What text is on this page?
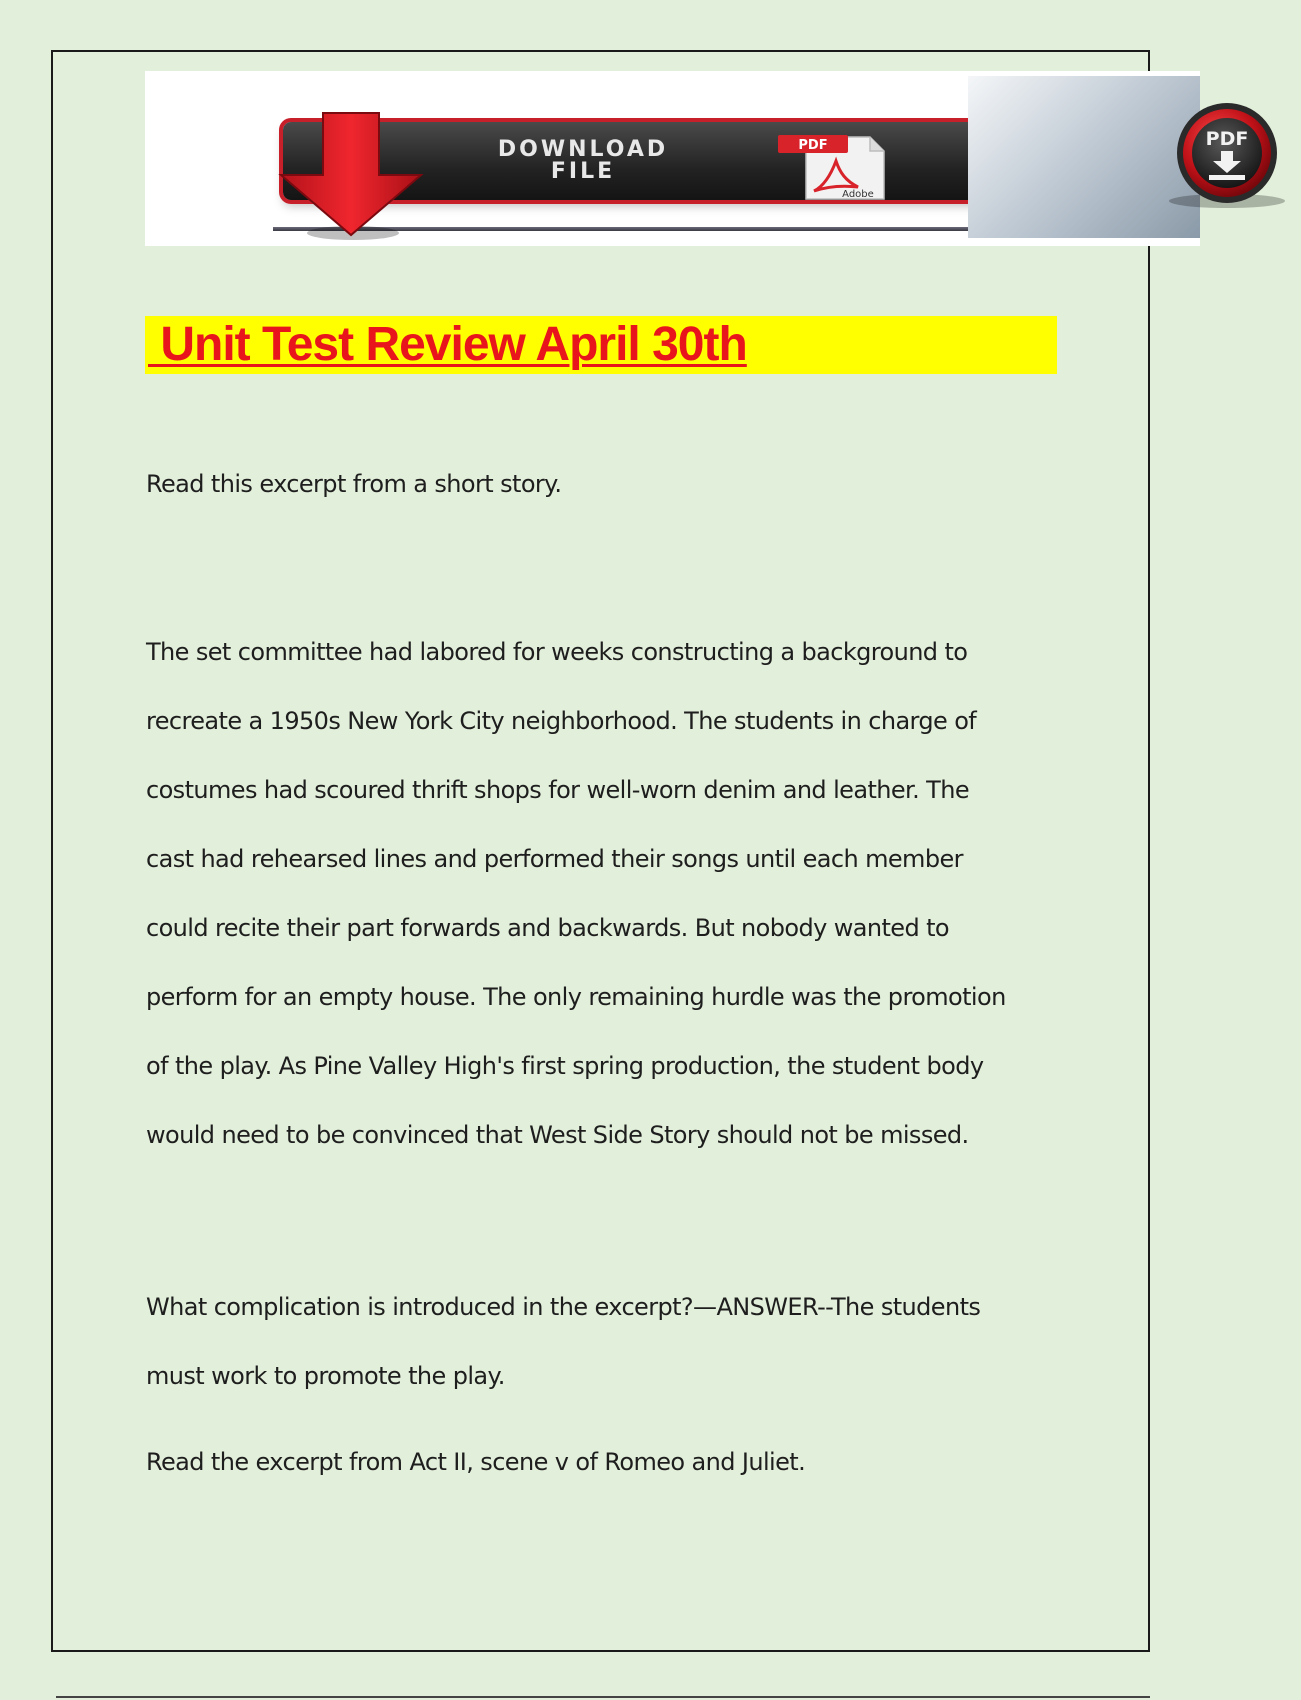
DOWNLOAD
FILE
PDF
Adobe
PDF
Unit Test Review April 30th

Read this excerpt from a short story.

The set committee had labored for weeks constructing a background to
recreate a 1950s New York City neighborhood. The students in charge of
costumes had scoured thrift shops for well-worn denim and leather. The
cast had rehearsed lines and performed their songs until each member
could recite their part forwards and backwards. But nobody wanted to
perform for an empty house. The only remaining hurdle was the promotion
of the play. As Pine Valley High's first spring production, the student body
would need to be convinced that West Side Story should not be missed.
What complication is introduced in the excerpt?—ANSWER--The students
must work to promote the play.

Read the excerpt from Act II, scene v of Romeo and Juliet.
